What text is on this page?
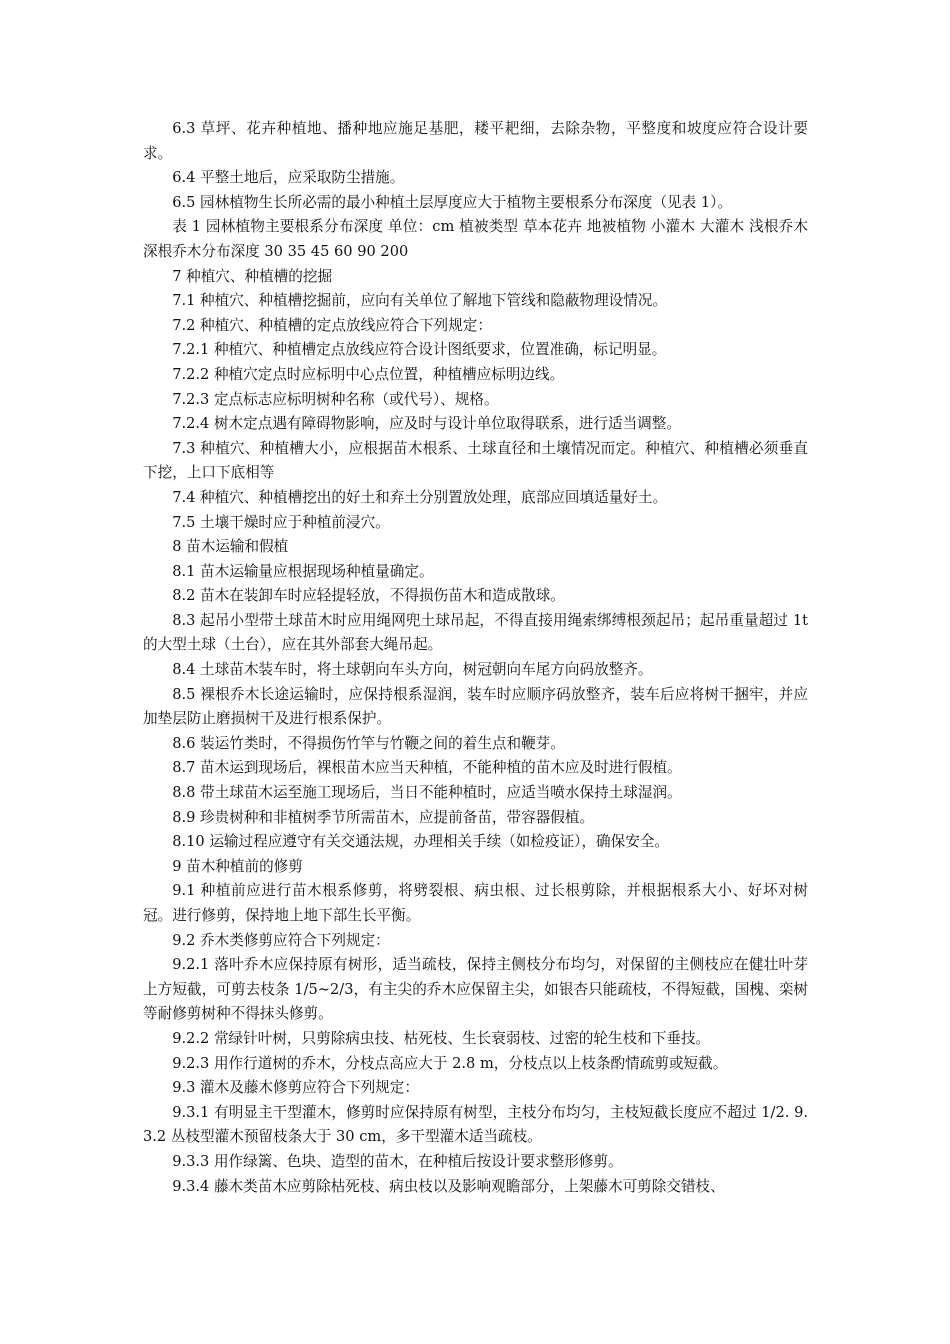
6.3 草坪、花卉种植地、播种地应施足基肥，耧平耙细，去除杂物，平整度和坡度应符合设计要求。

6.4 平整土地后，应采取防尘措施。

6.5 园林植物生长所必需的最小种植土层厚度应大于植物主要根系分布深度（见表 1）。

表 1 园林植物主要根系分布深度 单位：cm 植被类型 草本花卉 地被植物 小灌木 大灌木 浅根乔木 深根乔木分布深度 30 35 45 60 90 200

7 种植穴、种植槽的挖掘

7.1 种植穴、种植槽挖掘前，应向有关单位了解地下管线和隐蔽物理设情况。

7.2 种植穴、种植槽的定点放线应符合下列规定：

7.2.1 种植穴、种植槽定点放线应符合设计图纸要求，位置准确，标记明显。

7.2.2 种植穴定点时应标明中心点位置，种植槽应标明边线。

7.2.3 定点标志应标明树种名称（或代号）、规格。

7.2.4 树木定点遇有障碍物影响，应及时与设计单位取得联系，进行适当调整。

7.3 种植穴、种植槽大小，应根据苗木根系、土球直径和土壤情况而定。种植穴、种植槽必须垂直下挖，上口下底相等

7.4 种植穴、种植槽挖出的好土和弃土分别置放处理，底部应回填适量好土。

7.5 土壤干燥时应于种植前浸穴。

8 苗木运输和假植

8.1 苗木运输量应根据现场种植量确定。

8.2 苗木在装卸车时应轻提轻放，不得损伤苗木和造成散球。

8.3 起吊小型带土球苗木时应用绳网兜土球吊起，不得直接用绳索绑缚根颈起吊；起吊重量超过 1t 的大型土球（土台），应在其外部套大绳吊起。

8.4 土球苗木装车时，将土球朝向车头方向，树冠朝向车尾方向码放整齐。

8.5 裸根乔木长途运输时，应保持根系湿润，装车时应顺序码放整齐，装车后应将树干捆牢，并应加垫层防止磨损树干及进行根系保护。

8.6 装运竹类时，不得损伤竹竿与竹鞭之间的着生点和鞭芽。

8.7 苗木运到现场后，裸根苗木应当天种植，不能种植的苗木应及时进行假植。

8.8 带土球苗木运至施工现场后，当日不能种植时，应适当喷水保持土球湿润。

8.9 珍贵树种和非植树季节所需苗木，应提前备苗，带容器假植。

8.10 运输过程应遵守有关交通法规，办理相关手续（如检疫证），确保安全。

9 苗木种植前的修剪

9.1 种植前应进行苗木根系修剪，将劈裂根、病虫根、过长根剪除，并根据根系大小、好坏对树冠。进行修剪，保持地上地下部生长平衡。

9.2 乔木类修剪应符合下列规定：

9.2.1 落叶乔木应保持原有树形，适当疏枝，保持主侧枝分布均匀，对保留的主侧枝应在健壮叶芽上方短截，可剪去枝条 1/5~2/3，有主尖的乔木应保留主尖，如银杏只能疏枝，不得短截，国槐、栾树等耐修剪树种不得抹头修剪。

9.2.2 常绿针叶树，只剪除病虫技、枯死枝、生长衰弱枝、过密的轮生枝和下垂技。

9.2.3 用作行道树的乔木，分枝点高应大于 2.8 m，分枝点以上枝条酌情疏剪或短截。

9.3 灌木及藤木修剪应符合下列规定：

9.3.1 有明显主干型灌木，修剪时应保持原有树型，主枝分布均匀，主枝短截长度应不超过 1/2. 9.3.2 丛枝型灌木预留枝条大于 30 cm，多干型灌木适当疏枝。

9.3.3 用作绿篱、色块、造型的苗木，在种植后按设计要求整形修剪。

9.3.4 藤木类苗木应剪除枯死枝、病虫枝以及影响观瞻部分，上架藤木可剪除交错枝、
